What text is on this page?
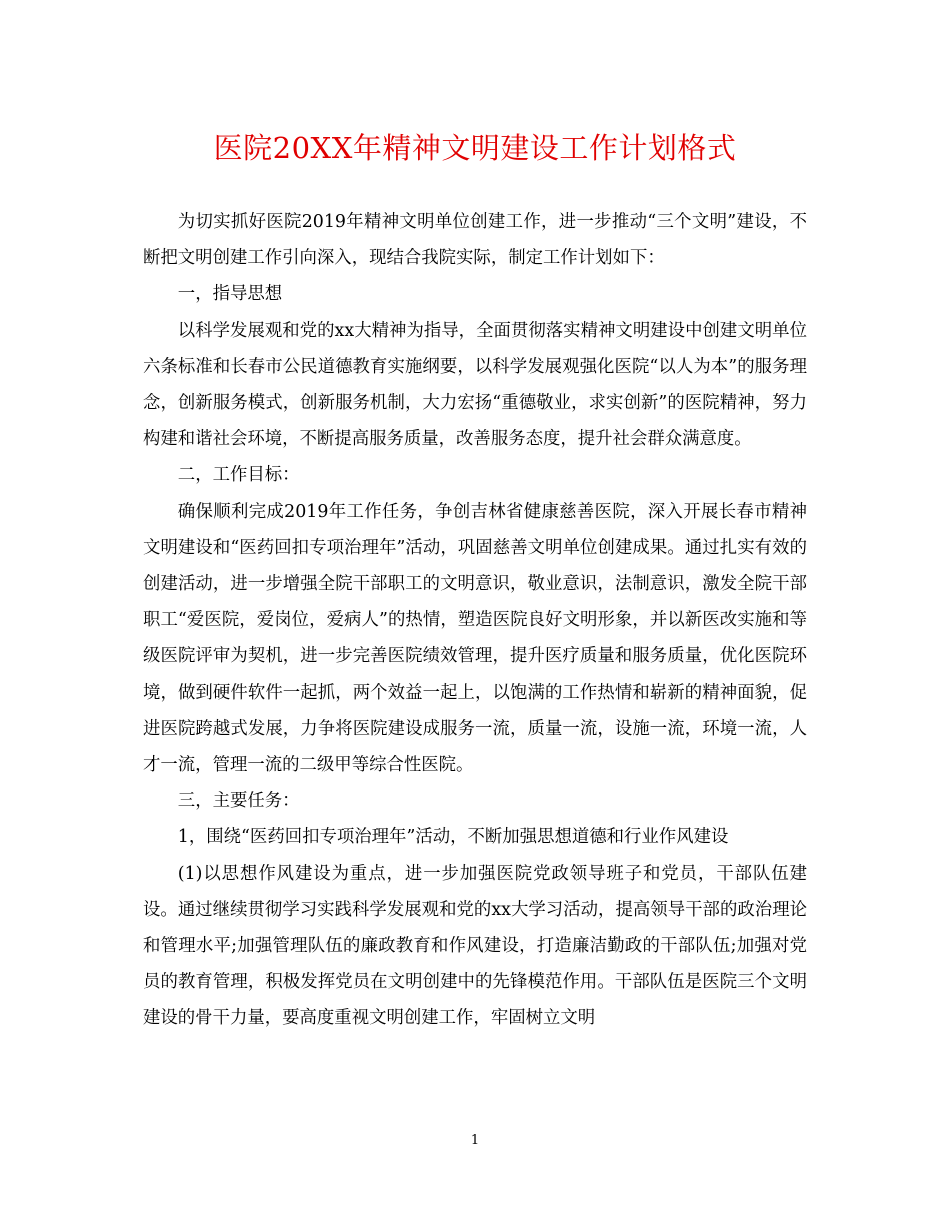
医院20XX年精神文明建设工作计划格式

为切实抓好医院2019年精神文明单位创建工作，进一步推动“三个文明”建设，不断把文明创建工作引向深入，现结合我院实际，制定工作计划如下：

一，指导思想

以科学发展观和党的xx大精神为指导，全面贯彻落实精神文明建设中创建文明单位六条标准和长春市公民道德教育实施纲要，以科学发展观强化医院“以人为本”的服务理念，创新服务模式，创新服务机制，大力宏扬“重德敬业，求实创新”的医院精神，努力构建和谐社会环境，不断提高服务质量，改善服务态度，提升社会群众满意度。

二，工作目标：

确保顺利完成2019年工作任务，争创吉林省健康慈善医院，深入开展长春市精神文明建设和“医药回扣专项治理年”活动，巩固慈善文明单位创建成果。通过扎实有效的创建活动，进一步增强全院干部职工的文明意识，敬业意识，法制意识，激发全院干部职工“爱医院，爱岗位，爱病人”的热情，塑造医院良好文明形象，并以新医改实施和等级医院评审为契机，进一步完善医院绩效管理，提升医疗质量和服务质量，优化医院环境，做到硬件软件一起抓，两个效益一起上，以饱满的工作热情和崭新的精神面貌，促进医院跨越式发展，力争将医院建设成服务一流，质量一流，设施一流，环境一流，人才一流，管理一流的二级甲等综合性医院。

三，主要任务：

1，围绕“医药回扣专项治理年”活动，不断加强思想道德和行业作风建设

(1)以思想作风建设为重点，进一步加强医院党政领导班子和党员，干部队伍建设。通过继续贯彻学习实践科学发展观和党的xx大学习活动，提高领导干部的政治理论和管理水平;加强管理队伍的廉政教育和作风建设，打造廉洁勤政的干部队伍;加强对党员的教育管理，积极发挥党员在文明创建中的先锋模范作用。干部队伍是医院三个文明建设的骨干力量，要高度重视文明创建工作，牢固树立文明

1
